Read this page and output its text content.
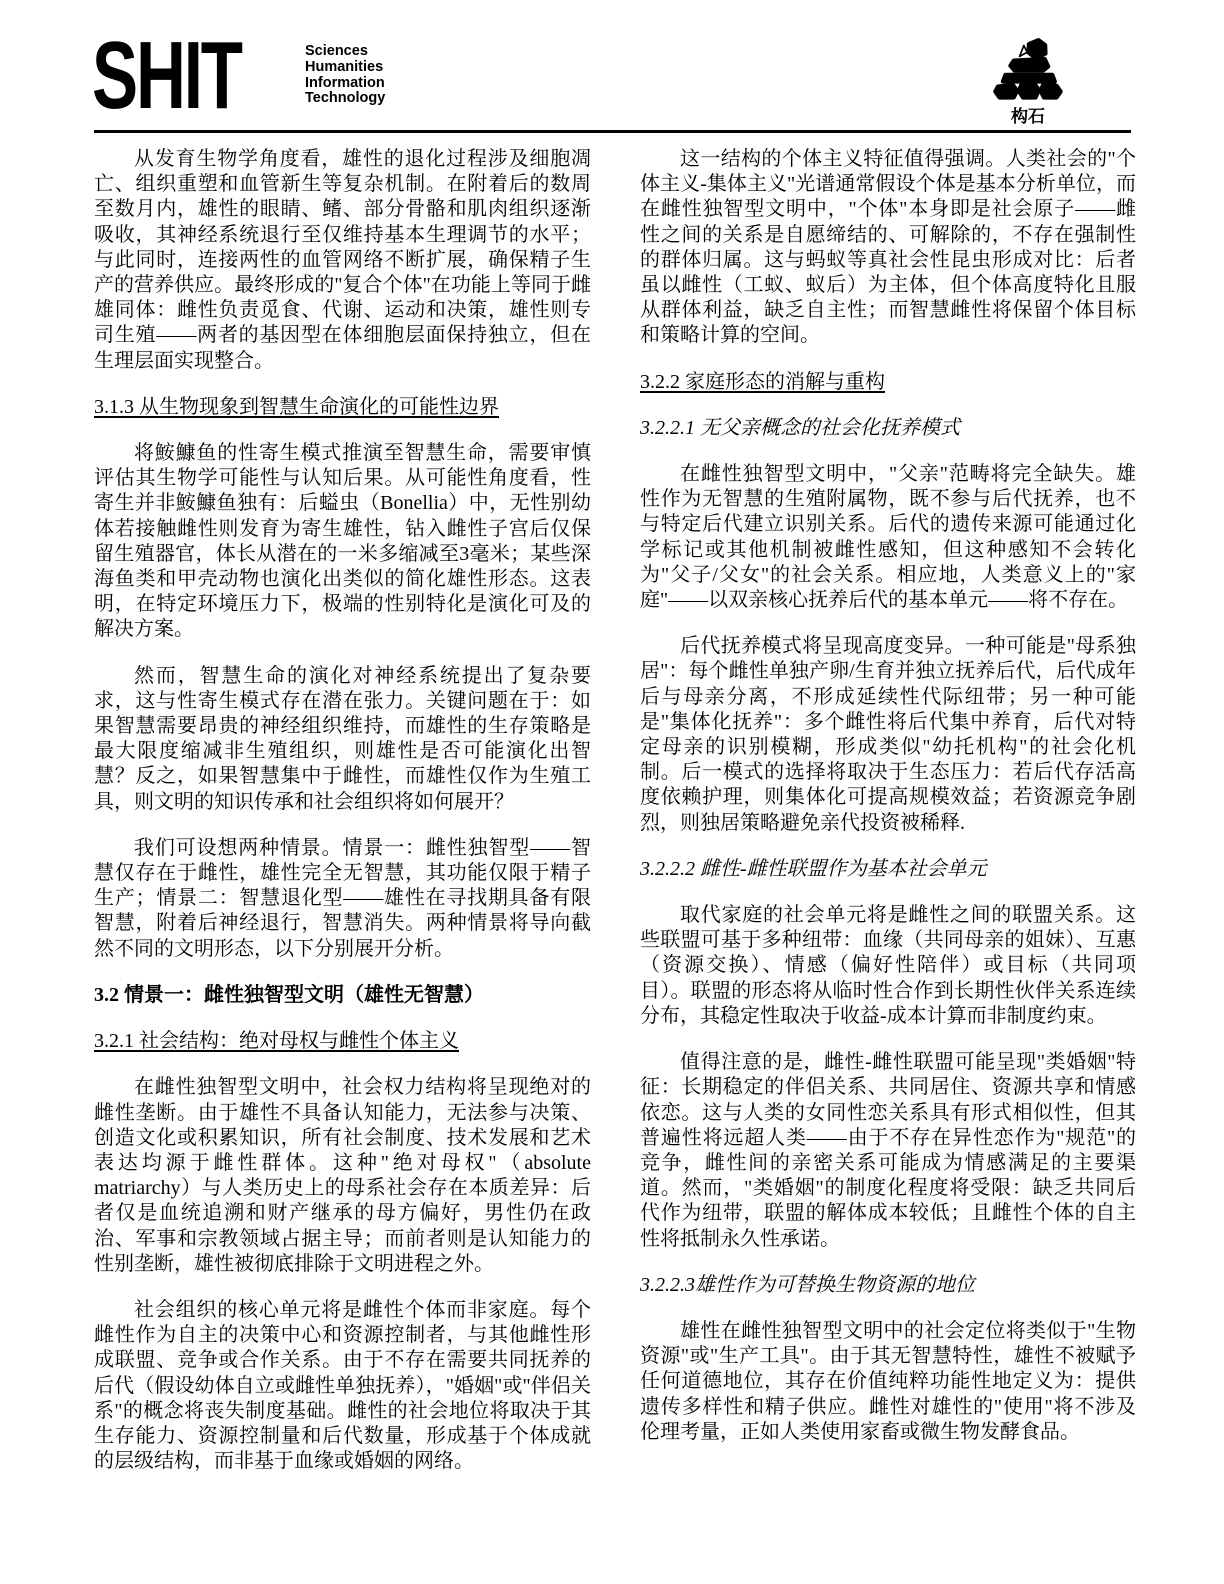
SHIT	Sciences
Humanities
Information
Technology
构石
从发育生物学角度看，雄性的退化过程涉及细胞凋亡、组织重塑和血管新生等复杂机制。在附着后的数周至数月内，雄性的眼睛、鳍、部分骨骼和肌肉组织逐渐吸收，其神经系统退行至仅维持基本生理调节的水平；与此同时，连接两性的血管网络不断扩展，确保精子生产的营养供应。最终形成的"复合个体"在功能上等同于雌雄同体：雌性负责觅食、代谢、运动和决策，雄性则专司生殖——两者的基因型在体细胞层面保持独立，但在生理层面实现整合。
3.1.3 从生物现象到智慧生命演化的可能性边界
将鮟鱇鱼的性寄生模式推演至智慧生命，需要审慎评估其生物学可能性与认知后果。从可能性角度看，性寄生并非鮟鱇鱼独有：后螠虫（Bonellia）中，无性别幼体若接触雌性则发育为寄生雄性，钻入雌性子宫后仅保留生殖器官，体长从潜在的一米多缩减至3毫米；某些深海鱼类和甲壳动物也演化出类似的简化雄性形态。这表明，在特定环境压力下，极端的性别特化是演化可及的解决方案。
然而，智慧生命的演化对神经系统提出了复杂要求，这与性寄生模式存在潜在张力。关键问题在于：如果智慧需要昂贵的神经组织维持，而雄性的生存策略是最大限度缩减非生殖组织，则雄性是否可能演化出智慧？反之，如果智慧集中于雌性，而雄性仅作为生殖工具，则文明的知识传承和社会组织将如何展开？
我们可设想两种情景。情景一：雌性独智型——智慧仅存在于雌性，雄性完全无智慧，其功能仅限于精子生产；情景二：智慧退化型——雄性在寻找期具备有限智慧，附着后神经退行，智慧消失。两种情景将导向截然不同的文明形态，以下分别展开分析。
3.2 情景一：雌性独智型文明（雄性无智慧）
3.2.1 社会结构：绝对母权与雌性个体主义
在雌性独智型文明中，社会权力结构将呈现绝对的雌性垄断。由于雄性不具备认知能力，无法参与决策、创造文化或积累知识，所有社会制度、技术发展和艺术表达均源于雌性群体。这种"绝对母权"（absolute matriarchy）与人类历史上的母系社会存在本质差异：后者仅是血统追溯和财产继承的母方偏好，男性仍在政治、军事和宗教领域占据主导；而前者则是认知能力的性别垄断，雄性被彻底排除于文明进程之外。
社会组织的核心单元将是雌性个体而非家庭。每个雌性作为自主的决策中心和资源控制者，与其他雌性形成联盟、竞争或合作关系。由于不存在需要共同抚养的后代（假设幼体自立或雌性单独抚养），"婚姻"或"伴侣关系"的概念将丧失制度基础。雌性的社会地位将取决于其生存能力、资源控制量和后代数量，形成基于个体成就的层级结构，而非基于血缘或婚姻的网络。
这一结构的个体主义特征值得强调。人类社会的"个体主义-集体主义"光谱通常假设个体是基本分析单位，而在雌性独智型文明中，"个体"本身即是社会原子——雌性之间的关系是自愿缔结的、可解除的，不存在强制性的群体归属。这与蚂蚁等真社会性昆虫形成对比：后者虽以雌性（工蚁、蚁后）为主体，但个体高度特化且服从群体利益，缺乏自主性；而智慧雌性将保留个体目标和策略计算的空间。
3.2.2 家庭形态的消解与重构
3.2.2.1 无父亲概念的社会化抚养模式
在雌性独智型文明中，"父亲"范畴将完全缺失。雄性作为无智慧的生殖附属物，既不参与后代抚养，也不与特定后代建立识别关系。后代的遗传来源可能通过化学标记或其他机制被雌性感知，但这种感知不会转化为"父子/父女"的社会关系。相应地，人类意义上的"家庭"——以双亲核心抚养后代的基本单元——将不存在。
后代抚养模式将呈现高度变异。一种可能是"母系独居"：每个雌性单独产卵/生育并独立抚养后代，后代成年后与母亲分离，不形成延续性代际纽带；另一种可能是"集体化抚养"：多个雌性将后代集中养育，后代对特定母亲的识别模糊，形成类似"幼托机构"的社会化机制。后一模式的选择将取决于生态压力：若后代存活高度依赖护理，则集体化可提高规模效益；若资源竞争剧烈，则独居策略避免亲代投资被稀释.
3.2.2.2 雌性-雌性联盟作为基本社会单元
取代家庭的社会单元将是雌性之间的联盟关系。这些联盟可基于多种纽带：血缘（共同母亲的姐妹）、互惠（资源交换）、情感（偏好性陪伴）或目标（共同项目）。联盟的形态将从临时性合作到长期性伙伴关系连续分布，其稳定性取决于收益-成本计算而非制度约束。
值得注意的是，雌性-雌性联盟可能呈现"类婚姻"特征：长期稳定的伴侣关系、共同居住、资源共享和情感依恋。这与人类的女同性恋关系具有形式相似性，但其普遍性将远超人类——由于不存在异性恋作为"规范"的竞争，雌性间的亲密关系可能成为情感满足的主要渠道。然而，"类婚姻"的制度化程度将受限：缺乏共同后代作为纽带，联盟的解体成本较低；且雌性个体的自主性将抵制永久性承诺。
3.2.2.3雄性作为可替换生物资源的地位
雄性在雌性独智型文明中的社会定位将类似于"生物资源"或"生产工具"。由于其无智慧特性，雄性不被赋予任何道德地位，其存在价值纯粹功能性地定义为：提供遗传多样性和精子供应。雌性对雄性的"使用"将不涉及伦理考量，正如人类使用家畜或微生物发酵食品。
